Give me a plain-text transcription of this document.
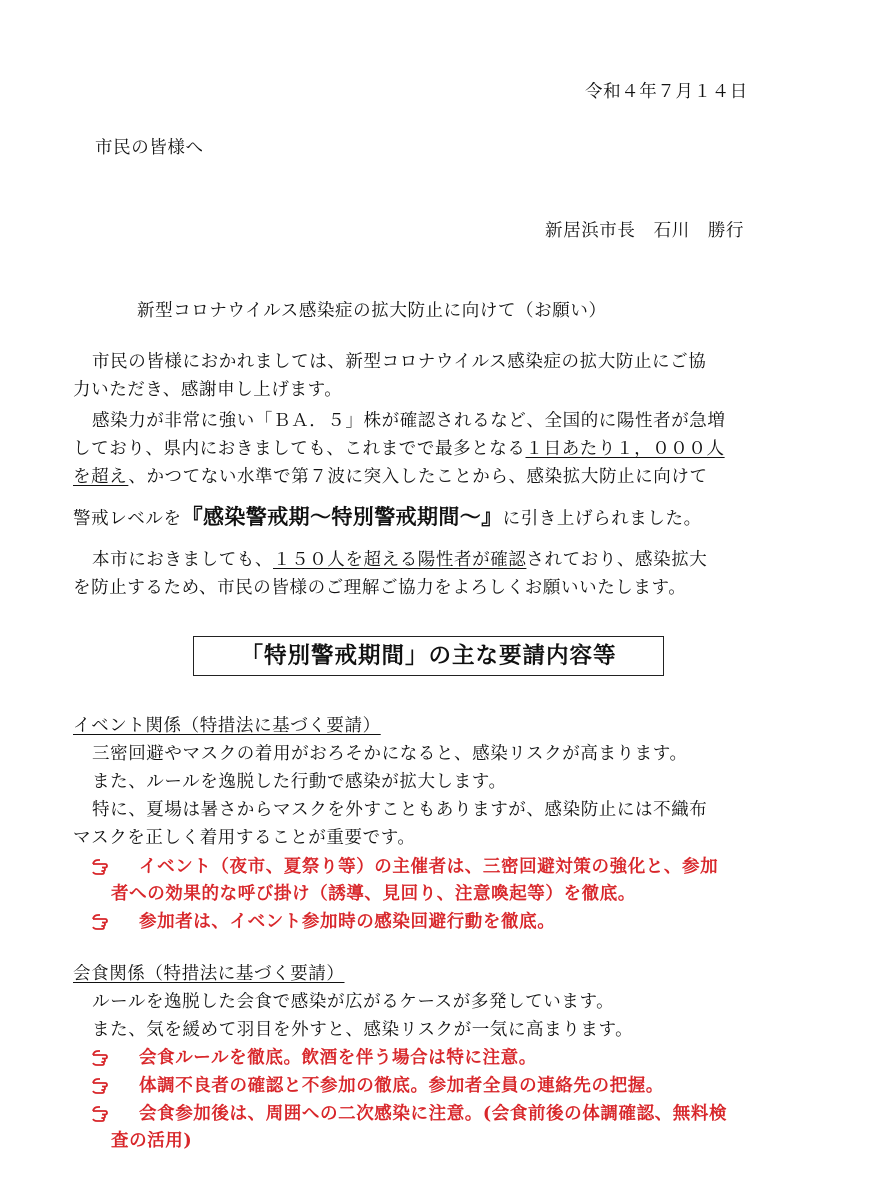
令和４年７月１４日
市民の皆様へ
新居浜市長　石川　勝行
新型コロナウイルス感染症の拡大防止に向けて（お願い）
市民の皆様におかれましては、新型コロナウイルス感染症の拡大防止にご協
力いただき、感謝申し上げます。
感染力が非常に強い「ＢＡ．５」株が確認されるなど、全国的に陽性者が急増
しており、県内におきましても、これまでで最多となる１日あたり１，０００人
を超え、かつてない水準で第７波に突入したことから、感染拡大防止に向けて
警戒レベルを『感染警戒期～特別警戒期間～』に引き上げられました。
本市におきましても、１５０人を超える陽性者が確認されており、感染拡大
を防止するため、市民の皆様のご理解ご協力をよろしくお願いいたします。
「特別警戒期間」の主な要請内容等
イベント関係（特措法に基づく要請）
三密回避やマスクの着用がおろそかになると、感染リスクが高まります。
また、ルールを逸脱した行動で感染が拡大します。
特に、夏場は暑さからマスクを外すこともありますが、感染防止には不織布
マスクを正しく着用することが重要です。
イベント（夜市、夏祭り等）の主催者は、三密回避対策の強化と、参加
者への効果的な呼び掛け（誘導、見回り、注意喚起等）を徹底。
参加者は、イベント参加時の感染回避行動を徹底。
会食関係（特措法に基づく要請）
ルールを逸脱した会食で感染が広がるケースが多発しています。
また、気を緩めて羽目を外すと、感染リスクが一気に高まります。
会食ルールを徹底。飲酒を伴う場合は特に注意。
体調不良者の確認と不参加の徹底。参加者全員の連絡先の把握。
会食参加後は、周囲への二次感染に注意。(会食前後の体調確認、無料検
査の活用)
